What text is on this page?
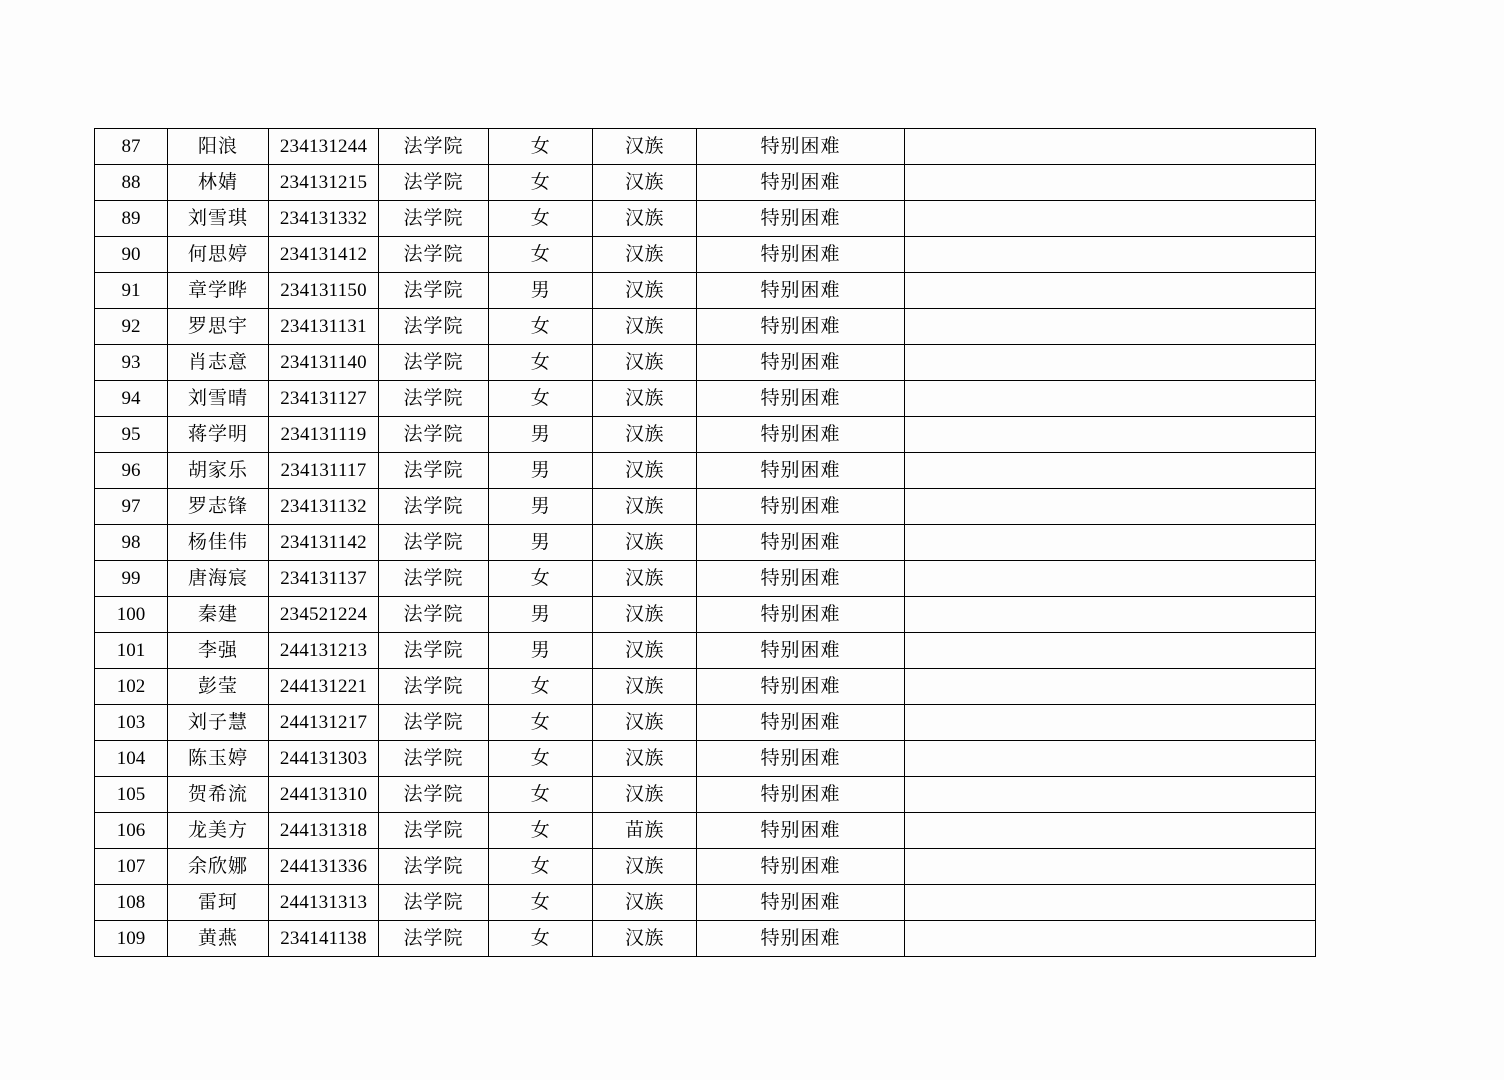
87	阳浪	234131244	法学院	女	汉族	特别困难	
88	林婧	234131215	法学院	女	汉族	特别困难	
89	刘雪琪	234131332	法学院	女	汉族	特别困难	
90	何思婷	234131412	法学院	女	汉族	特别困难	
91	章学晔	234131150	法学院	男	汉族	特别困难	
92	罗思宇	234131131	法学院	女	汉族	特别困难	
93	肖志意	234131140	法学院	女	汉族	特别困难	
94	刘雪晴	234131127	法学院	女	汉族	特别困难	
95	蒋学明	234131119	法学院	男	汉族	特别困难	
96	胡家乐	234131117	法学院	男	汉族	特别困难	
97	罗志锋	234131132	法学院	男	汉族	特别困难	
98	杨佳伟	234131142	法学院	男	汉族	特别困难	
99	唐海宸	234131137	法学院	女	汉族	特别困难	
100	秦建	234521224	法学院	男	汉族	特别困难	
101	李强	244131213	法学院	男	汉族	特别困难	
102	彭莹	244131221	法学院	女	汉族	特别困难	
103	刘子慧	244131217	法学院	女	汉族	特别困难	
104	陈玉婷	244131303	法学院	女	汉族	特别困难	
105	贺希流	244131310	法学院	女	汉族	特别困难	
106	龙美方	244131318	法学院	女	苗族	特别困难	
107	余欣娜	244131336	法学院	女	汉族	特别困难	
108	雷珂	244131313	法学院	女	汉族	特别困难	
109	黄燕	234141138	法学院	女	汉族	特别困难	
